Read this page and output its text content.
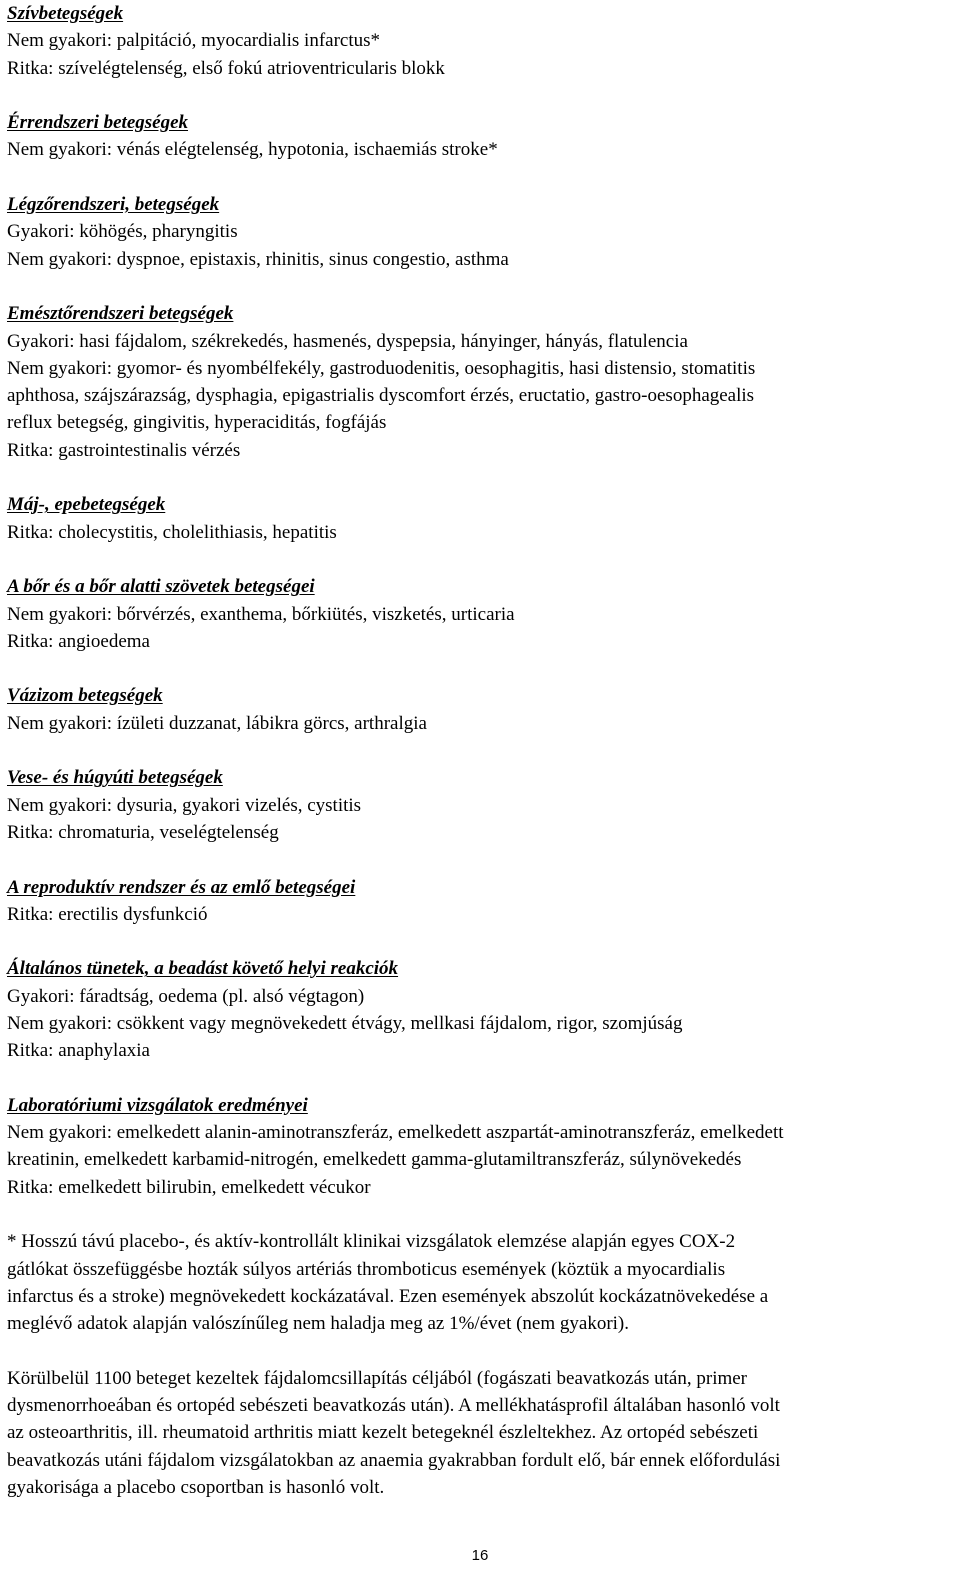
Szívbetegségek
Nem gyakori: palpitáció, myocardialis infarctus*
Ritka: szívelégtelenség, első fokú atrioventricularis blokk
Érrendszeri betegségek
Nem gyakori: vénás elégtelenség, hypotonia, ischaemiás stroke*
Légzőrendszeri, betegségek
Gyakori: köhögés, pharyngitis
Nem gyakori: dyspnoe, epistaxis, rhinitis, sinus congestio, asthma
Emésztőrendszeri betegségek
Gyakori: hasi fájdalom, székrekedés, hasmenés, dyspepsia, hányinger, hányás, flatulencia
Nem gyakori: gyomor- és nyombélfekély, gastroduodenitis, oesophagitis, hasi distensio, stomatitis
aphthosa, szájszárazság, dysphagia, epigastrialis dyscomfort érzés, eructatio, gastro-oesophagealis
reflux betegség, gingivitis, hyperaciditás, fogfájás
Ritka: gastrointestinalis vérzés
Máj-, epebetegségek
Ritka: cholecystitis, cholelithiasis, hepatitis
A bőr és a bőr alatti szövetek betegségei
Nem gyakori: bőrvérzés, exanthema, bőrkiütés, viszketés, urticaria
Ritka: angioedema
Vázizom betegségek
Nem gyakori: ízületi duzzanat, lábikra görcs, arthralgia
Vese- és húgyúti betegségek
Nem gyakori: dysuria, gyakori vizelés, cystitis
Ritka: chromaturia, veselégtelenség
A reproduktív rendszer és az emlő betegségei
Ritka: erectilis dysfunkció
Általános tünetek, a beadást követő helyi reakciók
Gyakori: fáradtság, oedema (pl. alsó végtagon)
Nem gyakori: csökkent vagy megnövekedett étvágy, mellkasi fájdalom, rigor, szomjúság
Ritka: anaphylaxia
Laboratóriumi vizsgálatok eredményei
Nem gyakori: emelkedett alanin-aminotranszferáz, emelkedett aszpartát-aminotranszferáz, emelkedett
kreatinin, emelkedett karbamid-nitrogén, emelkedett gamma-glutamiltranszferáz, súlynövekedés
Ritka: emelkedett bilirubin, emelkedett vécukor
* Hosszú távú placebo-, és aktív-kontrollált klinikai vizsgálatok elemzése alapján egyes COX-2
gátlókat összefüggésbe hozták súlyos artériás thromboticus események (köztük a myocardialis
infarctus és a stroke) megnövekedett kockázatával. Ezen események abszolút kockázatnövekedése a
meglévő adatok alapján valószínűleg nem haladja meg az 1%/évet (nem gyakori).
Körülbelül 1100 beteget kezeltek fájdalomcsillapítás céljából (fogászati beavatkozás után, primer
dysmenorrhoeában és ortopéd sebészeti beavatkozás után). A mellékhatásprofil általában hasonló volt
az osteoarthritis, ill. rheumatoid arthritis miatt kezelt betegeknél észleltekhez. Az ortopéd sebészeti
beavatkozás utáni fájdalom vizsgálatokban az anaemia gyakrabban fordult elő, bár ennek előfordulási
gyakorisága a placebo csoportban is hasonló volt.
16
